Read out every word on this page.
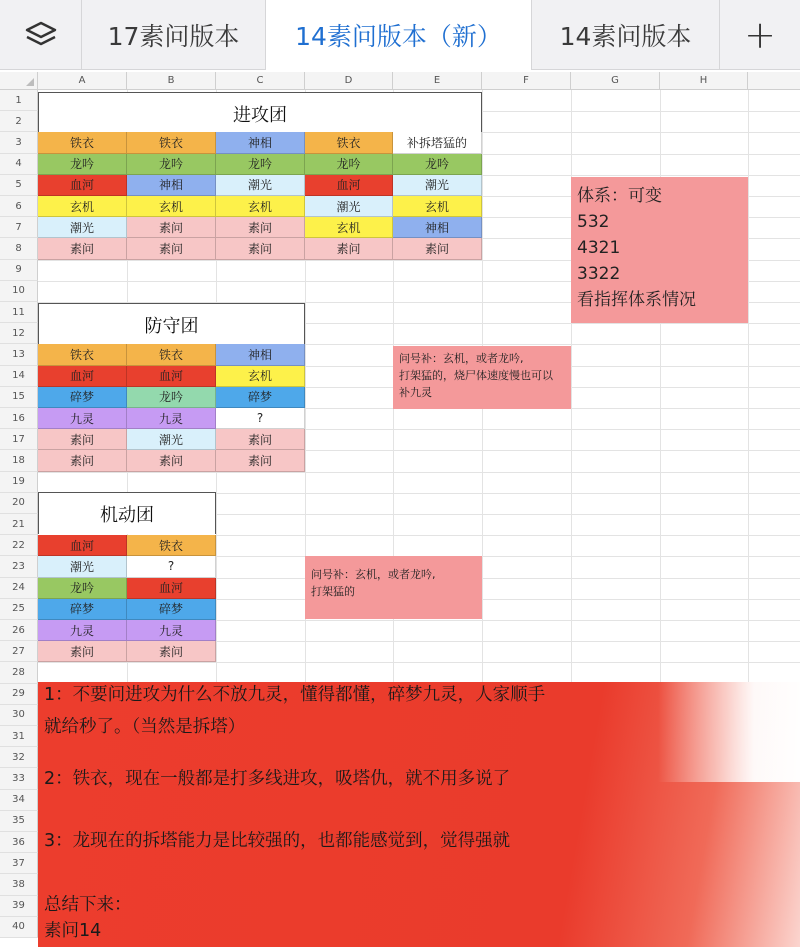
17素问版本 14素问版本（新） 14素问版本 +
A	B	C	D	E	F	G	H
1
2
3
4
5
6
7
8
9
10
11
12
13
14
15
16
17
18
19
20
21
22
23
24
25
26
27
28
29
30
31
32
33
34
35
36
37
38
39
40
进攻团
铁衣	铁衣	神相	铁衣	补拆塔猛的
龙吟	龙吟	龙吟	龙吟	龙吟
血河	神相	潮光	血河	潮光
玄机	玄机	玄机	潮光	玄机
潮光	素问	素问	玄机	神相
素问	素问	素问	素问	素问
防守团
铁衣	铁衣	神相
血河	血河	玄机
碎梦	龙吟	碎梦
九灵	九灵	?
素问	潮光	素问
素问	素问	素问
机动团
血河	铁衣
潮光	?
龙吟	血河
碎梦	碎梦
九灵	九灵
素问	素问
体系：可变
532
4321
3322
看指挥体系情况
问号补：玄机，或者龙吟,
打架猛的，烧尸体速度慢也可以
补九灵
问号补：玄机，或者龙吟,
打架猛的
1：不要问进攻为什么不放九灵，懂得都懂，碎梦九灵，人家顺手
就给秒了。（当然是拆塔）
2：铁衣，现在一般都是打多线进攻，吸塔仇，就不用多说了
3：龙现在的拆塔能力是比较强的，也都能感觉到，觉得强就
总结下来：
素问14
